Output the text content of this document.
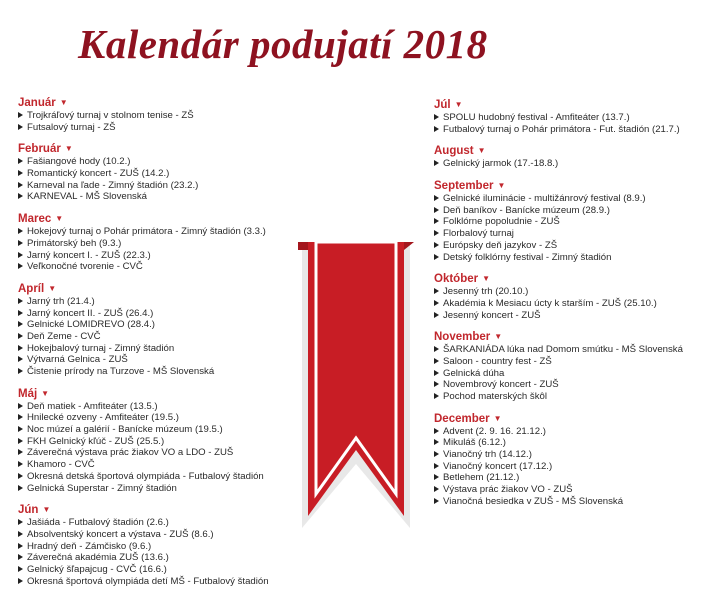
Kalendár podujatí 2018
Január ▼
Trojkráľový turnaj v stolnom tenise - ZŠ
Futsalový turnaj - ZŠ
Február ▼
Fašiangové hody (10.2.)
Romantický koncert - ZUŠ (14.2.)
Karneval na ľade - Zimný štadión (23.2.)
KARNEVAL - MŠ Slovenská
Marec ▼
Hokejový turnaj o Pohár primátora - Zimný štadión (3.3.)
Primátorský beh (9.3.)
Jarný koncert I. - ZUŠ (22.3.)
Veľkonočné tvorenie - CVČ
Apríl ▼
Jarný trh (21.4.)
Jarný koncert II. - ZUŠ (26.4.)
Gelnické LOMIDREVO (28.4.)
Deň Zeme - CVČ
Hokejbalový turnaj - Zimný štadión
Výtvarná Gelnica - ZUŠ
Čistenie prírody na Turzove - MŠ Slovenská
Máj ▼
Deň matiek - Amfiteáter (13.5.)
Hnilecké ozveny - Amfiteáter (19.5.)
Noc múzeí a galérií - Banícke múzeum (19.5.)
FKH Gelnický kľúč - ZUŠ (25.5.)
Záverečná výstava prác žiakov VO a LDO - ZUŠ
Khamoro - CVČ
Okresná detská športová olympiáda - Futbalový štadión
Gelnická Superstar - Zimný štadión
Jún ▼
Jašiáda - Futbalový štadión (2.6.)
Absolventský koncert a výstava - ZUŠ (8.6.)
Hradný deň - Zámčisko (9.6.)
Záverečná akadémia ZUŠ (13.6.)
Gelnický šľapajcug - CVČ (16.6.)
Okresná športová olympiáda detí MŠ - Futbalový štadión
Júl ▼
SPOLU hudobný festival - Amfiteáter (13.7.)
Futbalový turnaj o Pohár primátora - Fut. štadión (21.7.)
August ▼
Gelnický jarmok (17.-18.8.)
September ▼
Gelnické iluminácie - multižánrový festival (8.9.)
Deň baníkov - Banícke múzeum (28.9.)
Folklórne popoludnie - ZUŠ
Florbalový turnaj
Európsky deň jazykov - ZŠ
Detský folklórny festival - Zimný štadión
Október ▼
Jesenný trh (20.10.)
Akadémia k Mesiacu úcty k starším - ZUŠ (25.10.)
Jesenný koncert - ZUŠ
November ▼
ŠARKANIÁDA lúka nad Domom smútku - MŠ Slovenská
Saloon - country fest - ZŠ
Gelnická dúha
Novembrový koncert - ZUŠ
Pochod materských škôl
December ▼
Advent (2. 9. 16. 21.12.)
Mikuláš (6.12.)
Vianočný trh (14.12.)
Vianočný koncert (17.12.)
Betlehem (21.12.)
Výstava prác žiakov VO - ZUŠ
Vianočná besiedka v ZUŠ - MŠ Slovenská
